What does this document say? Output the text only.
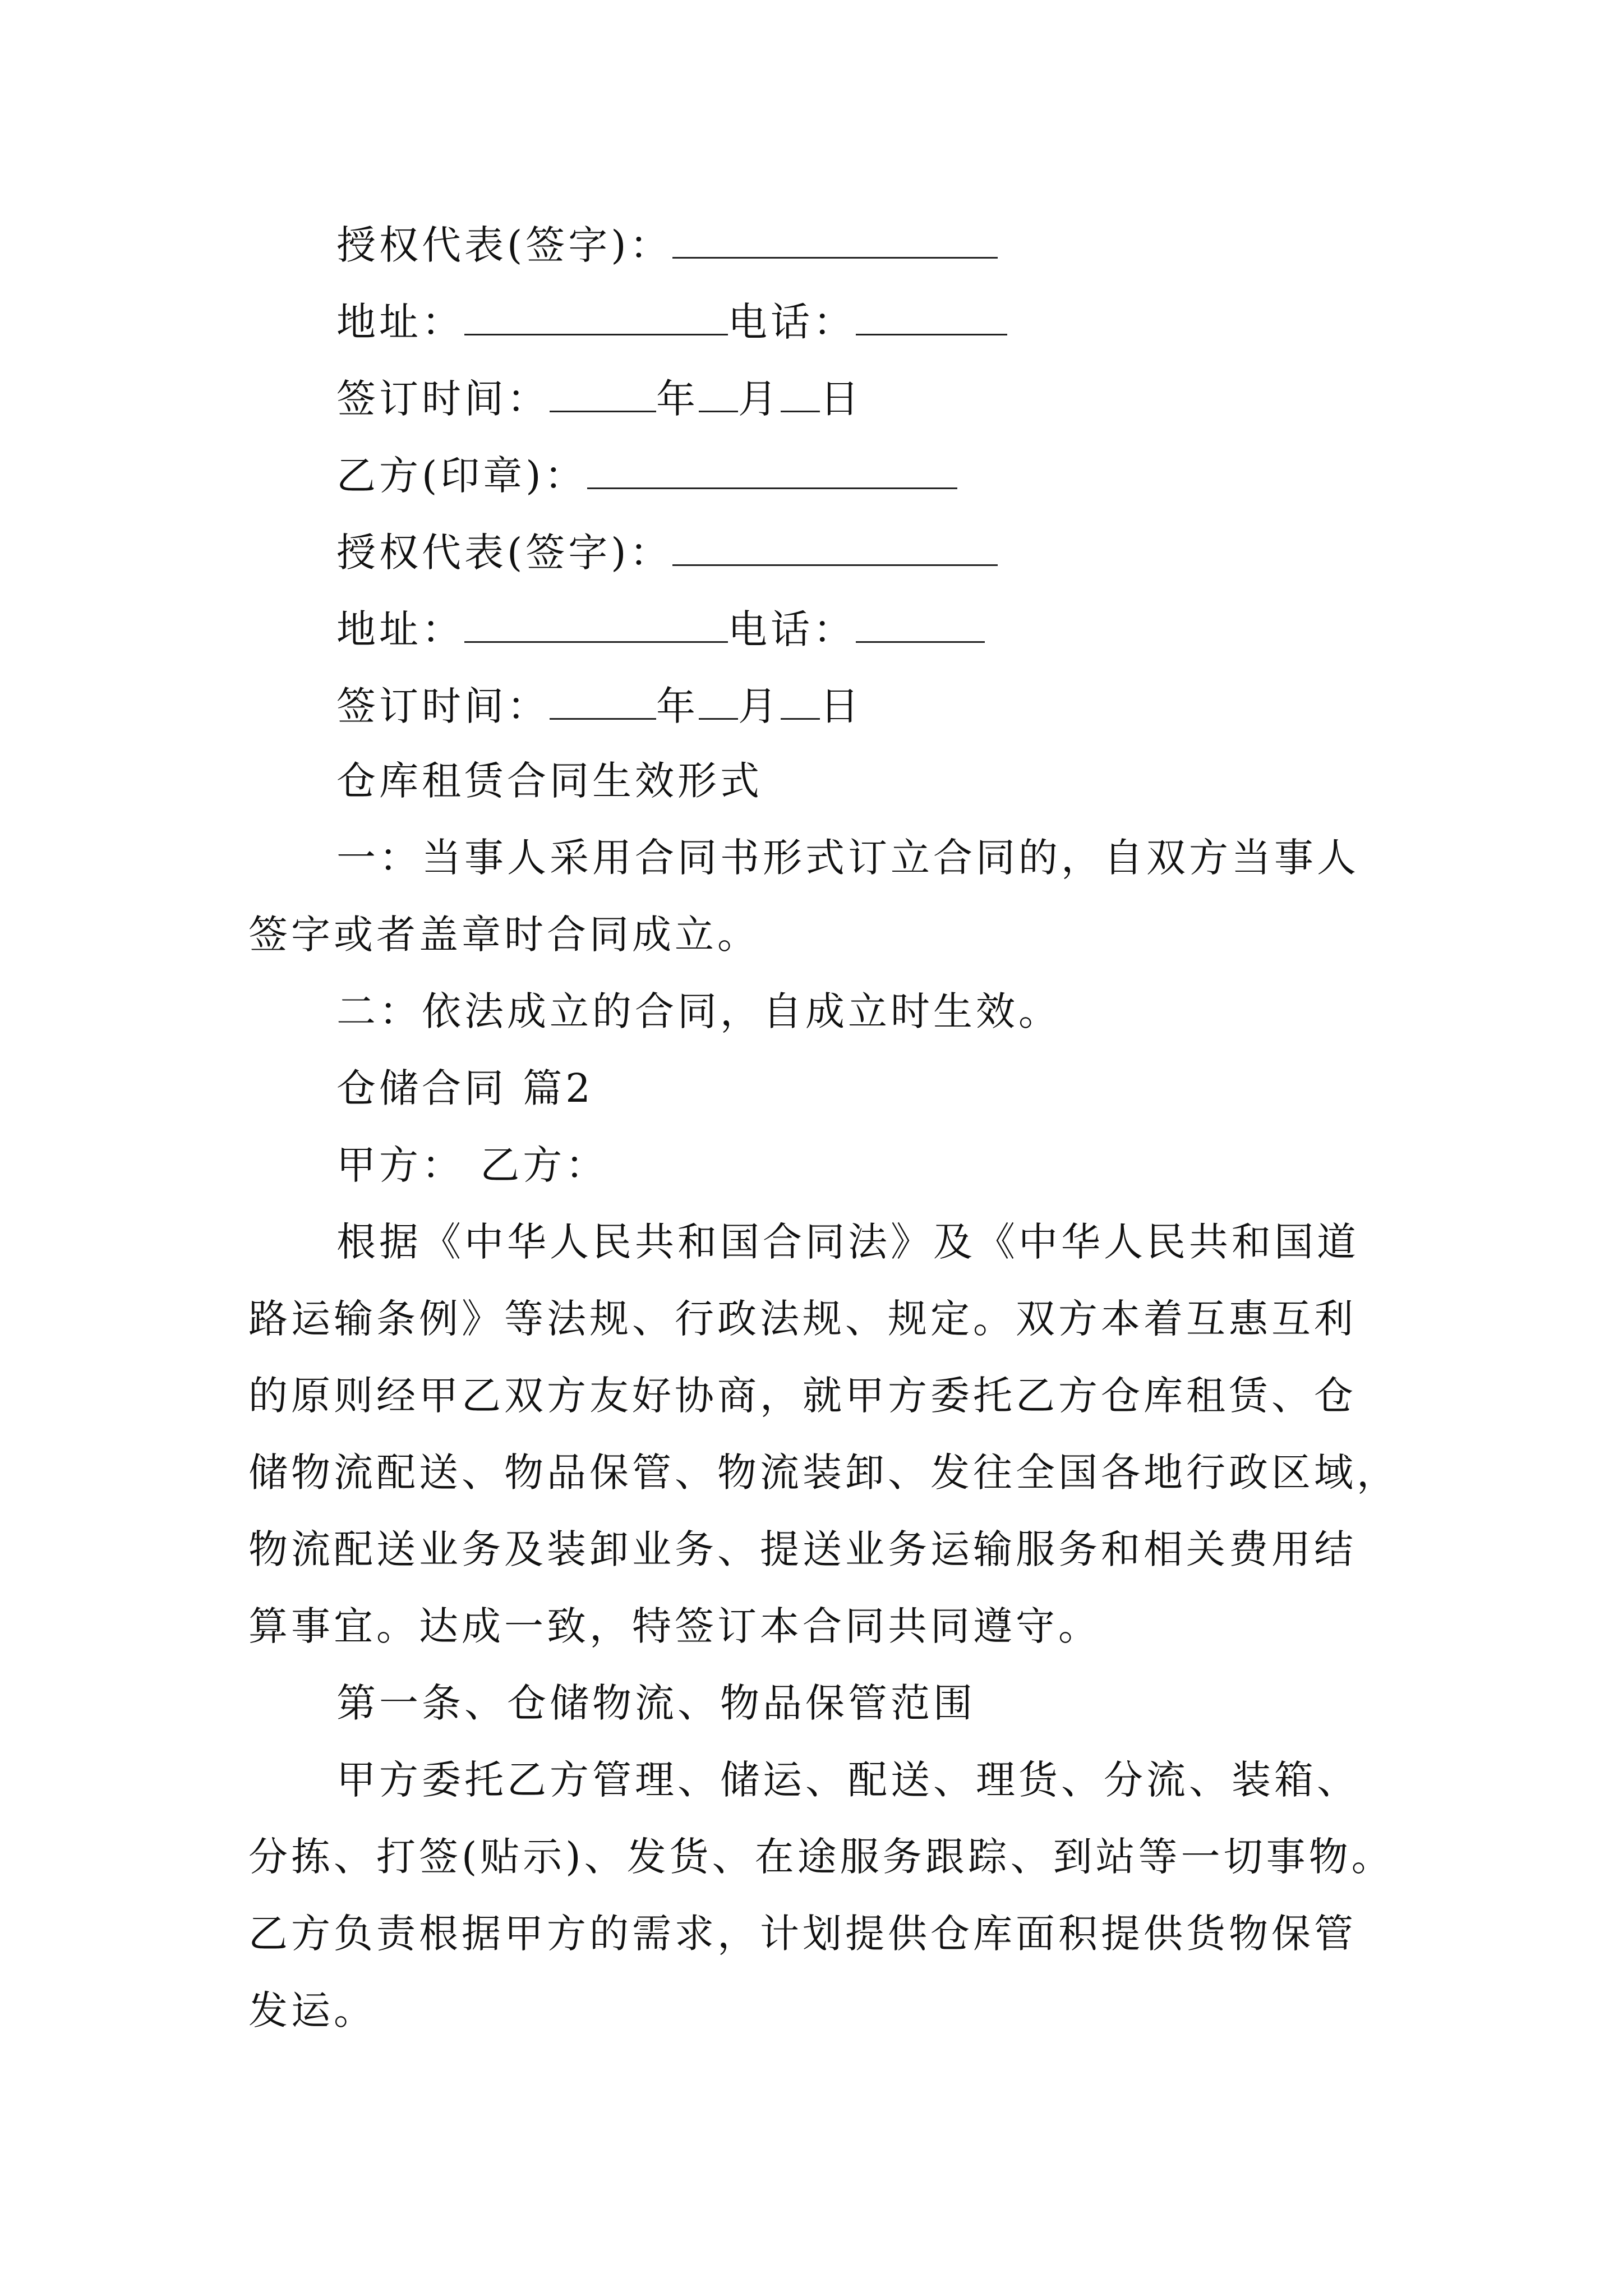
授权代表(签字)：
地址：	电话：
签订时间：	年 月 日
乙方(印章)：
授权代表(签字)：
地址：	电话：
签订时间：	年 月 日
仓库租赁合同生效形式
一：当事人采用合同书形式订立合同的，自双方当事人
签字或者盖章时合同成立。
二：依法成立的合同，自成立时生效。
仓储合同 篇2
甲方： 乙方：
根据《中华人民共和国合同法》及《中华人民共和国道
路运输条例》等法规、行政法规、规定。双方本着互惠互利
的原则经甲乙双方友好协商，就甲方委托乙方仓库租赁、仓
储物流配送、物品保管、物流装卸、发往全国各地行政区域，
物流配送业务及装卸业务、提送业务运输服务和相关费用结
算事宜。达成一致，特签订本合同共同遵守。
第一条、仓储物流、物品保管范围
甲方委托乙方管理、储运、配送、理货、分流、装箱、
分拣、打签(贴示)、发货、在途服务跟踪、到站等一切事物。
乙方负责根据甲方的需求，计划提供仓库面积提供货物保管
发运。
